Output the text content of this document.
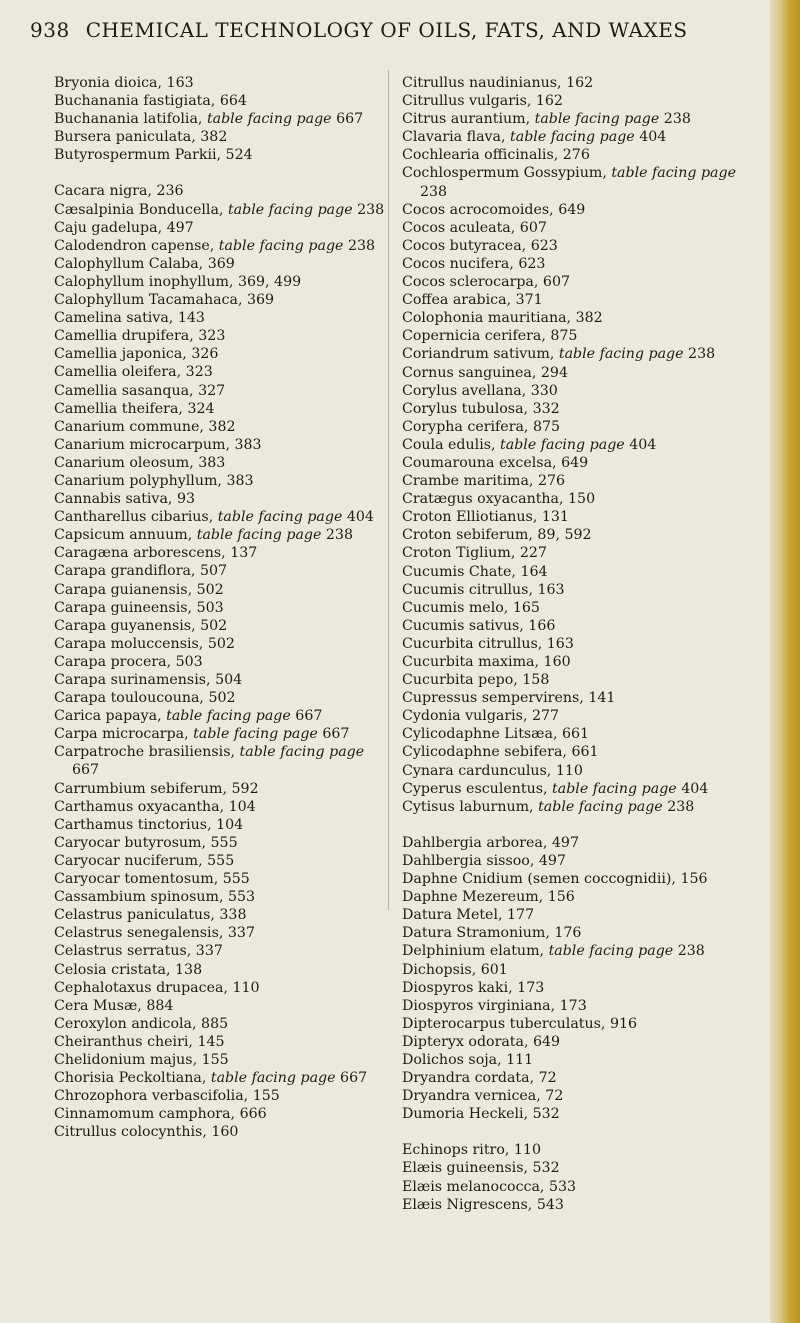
938 CHEMICAL TECHNOLOGY OF OILS, FATS, AND WAXES

Bryonia dioica, 163

Buchanania fastigiata, 664

Buchanania latifolia, table facing page 667

Bursera paniculata, 382

Butyrospermum Parkii, 524

Cacara nigra, 236

Cæsalpinia Bonducella, table facing page 238

Caju gadelupa, 497

Calodendron capense, table facing page 238

Calophyllum Calaba, 369

Calophyllum inophyllum, 369, 499

Calophyllum Tacamahaca, 369

Camelina sativa, 143

Camellia drupifera, 323

Camellia japonica, 326

Camellia oleifera, 323

Camellia sasanqua, 327

Camellia theifera, 324

Canarium commune, 382

Canarium microcarpum, 383

Canarium oleosum, 383

Canarium polyphyllum, 383

Cannabis sativa, 93

Cantharellus cibarius, table facing page 404

Capsicum annuum, table facing page 238

Caragæna arborescens, 137

Carapa grandiflora, 507

Carapa guianensis, 502

Carapa guineensis, 503

Carapa guyanensis, 502

Carapa moluccensis, 502

Carapa procera, 503

Carapa surinamensis, 504

Carapa touloucouna, 502

Carica papaya, table facing page 667

Carpa microcarpa, table facing page 667

Carpatroche brasiliensis, table facing page 667

Carrumbium sebiferum, 592

Carthamus oxyacantha, 104

Carthamus tinctorius, 104

Caryocar butyrosum, 555

Caryocar nuciferum, 555

Caryocar tomentosum, 555

Cassambium spinosum, 553

Celastrus paniculatus, 338

Celastrus senegalensis, 337

Celastrus serratus, 337

Celosia cristata, 138

Cephalotaxus drupacea, 110

Cera Musæ, 884

Ceroxylon andicola, 885

Cheiranthus cheiri, 145

Chelidonium majus, 155

Chorisia Peckoltiana, table facing page 667

Chrozophora verbascifolia, 155

Cinnamomum camphora, 666

Citrullus colocynthis, 160

Citrullus naudinianus, 162

Citrullus vulgaris, 162

Citrus aurantium, table facing page 238

Clavaria flava, table facing page 404

Cochlearia officinalis, 276

Cochlospermum Gossypium, table facing page 238

Cocos acrocomoides, 649

Cocos aculeata, 607

Cocos butyracea, 623

Cocos nucifera, 623

Cocos sclerocarpa, 607

Coffea arabica, 371

Colophonia mauritiana, 382

Copernicia cerifera, 875

Coriandrum sativum, table facing page 238

Cornus sanguinea, 294

Corylus avellana, 330

Corylus tubulosa, 332

Corypha cerifera, 875

Coula edulis, table facing page 404

Coumarouna excelsa, 649

Crambe maritima, 276

Cratægus oxyacantha, 150

Croton Elliotianus, 131

Croton sebiferum, 89, 592

Croton Tiglium, 227

Cucumis Chate, 164

Cucumis citrullus, 163

Cucumis melo, 165

Cucumis sativus, 166

Cucurbita citrullus, 163

Cucurbita maxima, 160

Cucurbita pepo, 158

Cupressus sempervirens, 141

Cydonia vulgaris, 277

Cylicodaphne Litsæa, 661

Cylicodaphne sebifera, 661

Cynara cardunculus, 110

Cyperus esculentus, table facing page 404

Cytisus laburnum, table facing page 238

Dahlbergia arborea, 497

Dahlbergia sissoo, 497

Daphne Cnidium (semen coccognidii), 156

Daphne Mezereum, 156

Datura Metel, 177

Datura Stramonium, 176

Delphinium elatum, table facing page 238

Dichopsis, 601

Diospyros kaki, 173

Diospyros virginiana, 173

Dipterocarpus tuberculatus, 916

Dipteryx odorata, 649

Dolichos soja, 111

Dryandra cordata, 72

Dryandra vernicea, 72

Dumoria Heckeli, 532

Echinops ritro, 110

Elæis guineensis, 532

Elæis melanococca, 533

Elæis Nigrescens, 543
